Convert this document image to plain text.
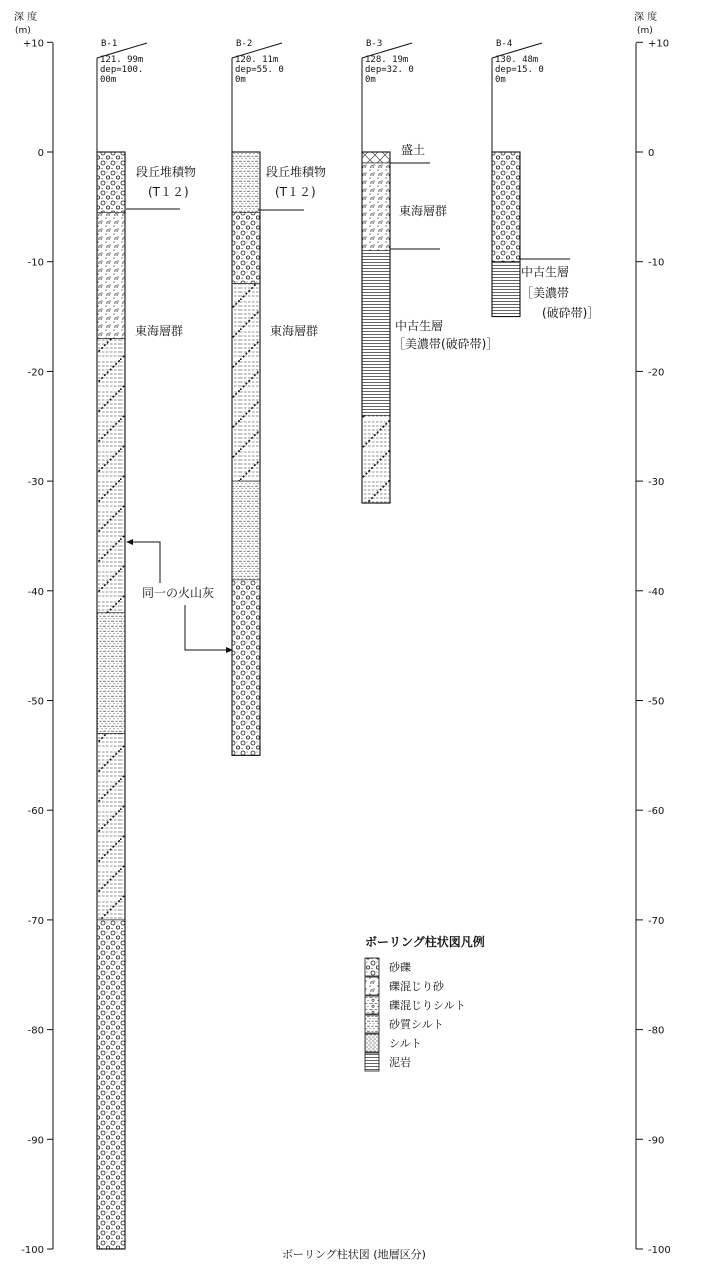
深 度
(m)
+10
0
-10
-20
-30
-40
-50
-60
-70
-80
-90
-100
深 度
(m)
+10
0
-10
-20
-30
-40
-50
-60
-70
-80
-90
-100
B-1
121. 99m
dep=100.
00m
B-2
120. 11m
dep=55. 0
0m
B-3
128. 19m
dep=32. 0
0m
B-4
130. 48m
dep=15. 0
0m
段丘堆積物
(T１２)
東海層群
段丘堆積物
(T１２)
東海層群
盛土
東海層群
中古生層
［美濃帯(破砕帯)］
中古生層
［美濃帯
(破砕帯)］
同一の火山灰
ボーリング柱状図凡例
砂礫
礫混じり砂
礫混じりシルト
砂質シルト
シルト
泥岩
ボーリング柱状図 (地層区分)
